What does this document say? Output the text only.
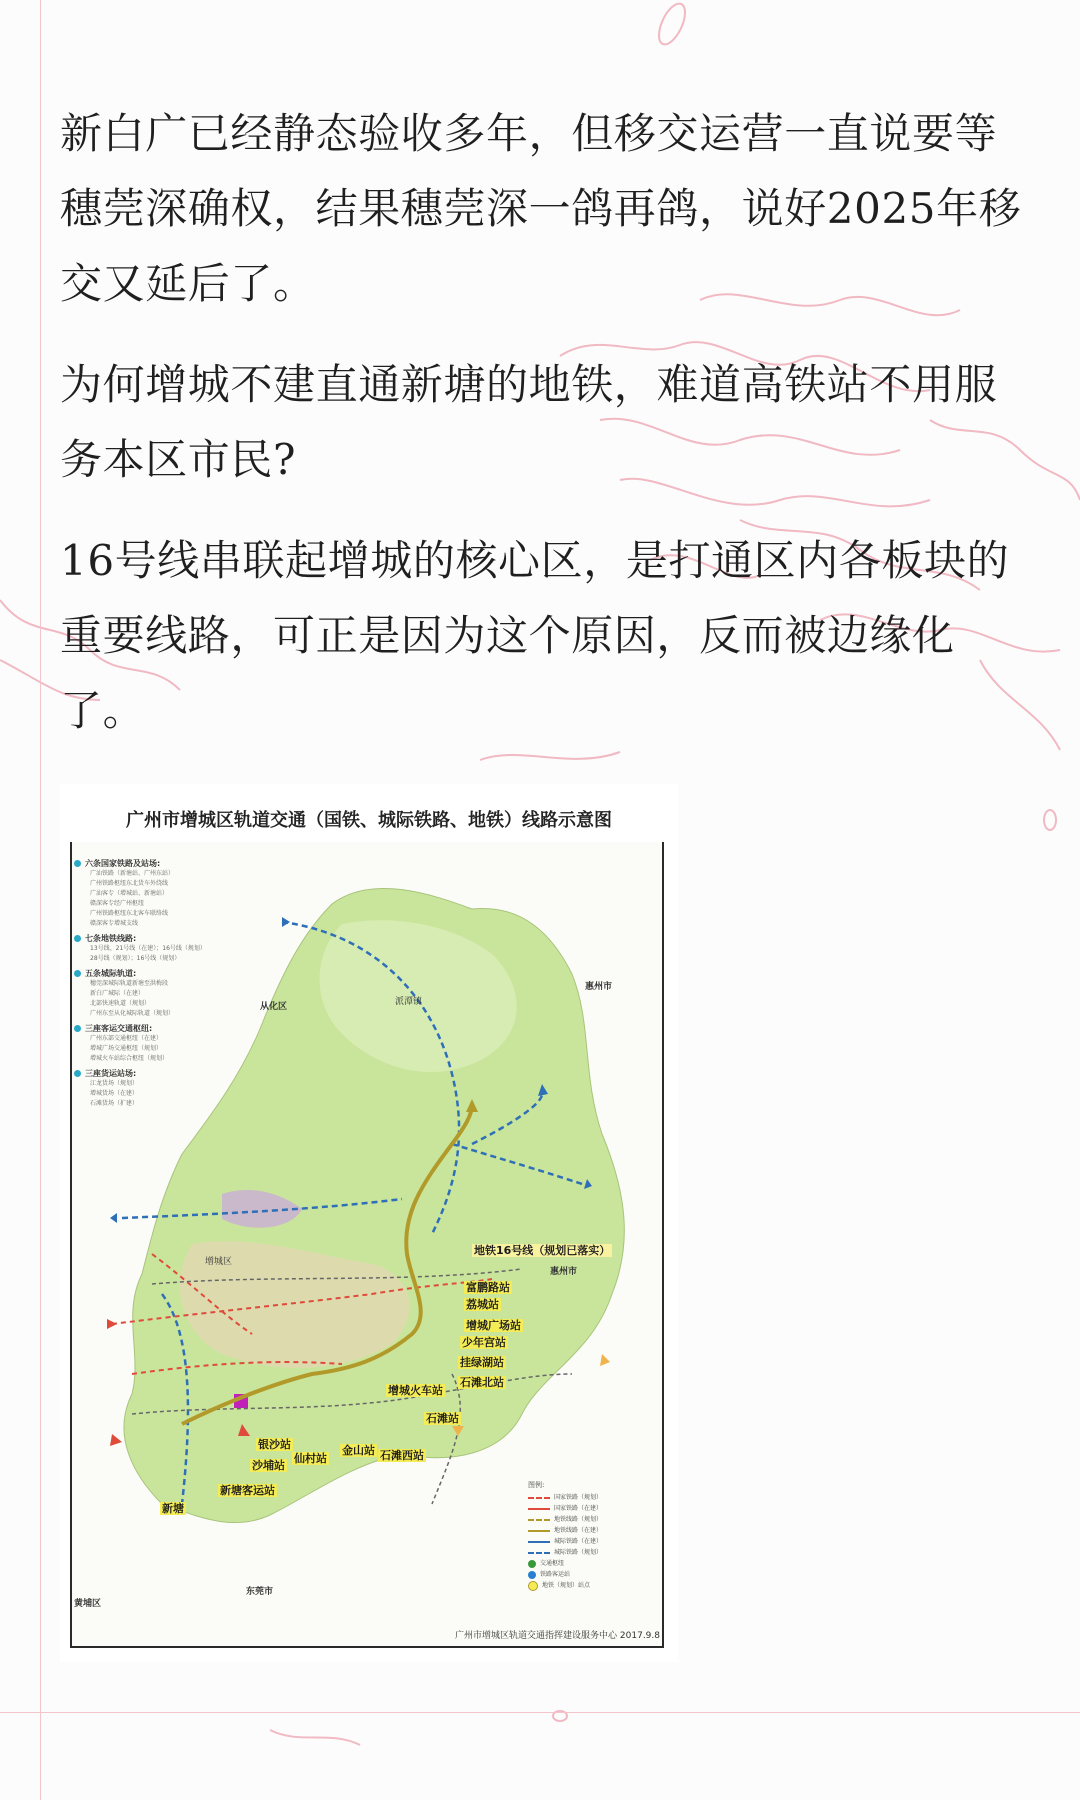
新白广已经静态验收多年，但移交运营一直说要等穗莞深确权，结果穗莞深一鸽再鸽，说好2025年移交又延后了。

为何增城不建直通新塘的地铁，难道高铁站不用服务本区市民?

16号线串联起增城的核心区，是打通区内各板块的重要线路，可正是因为这个原因，反而被边缘化了。

广州市增城区轨道交通（国铁、城际铁路、地铁）线路示意图
六条国家铁路及站场:
广汕铁路（新塘站、广州东站）
广州铁路枢纽东北货车外绕线
广汕客专（增城站、新塘站）
赣深客专经广州枢纽
广州铁路枢纽东北客车联络线
赣深客专增城支线
七条地铁线路:
13号线、21号线（在建）；16号线（规划）
28号线（规划）；16号线（规划）
五条城际轨道:
穗莞深城际轨道新塘至洪梅段
新白广城际（在建）
北部快速轨道（规划）
广州东至从化城际轨道（规划）
三座客运交通枢纽:
广州东部交通枢纽（在建）
增城广场交通枢纽（规划）
增城火车站综合枢纽（规划）
三座货运站场:
江龙货场（规划）
增城货场（在建）
石滩货场（扩建）
从化区
惠州市
惠州市
东莞市
黄埔区
派潭镇
增城区
地铁16号线（规划已落实）
富鹏路站
荔城站
增城广场站
少年宫站
挂绿湖站
石滩北站
增城火车站
石滩站
石滩西站
金山站
仙村站
沙埔站
银沙站
新塘客运站
新塘
图例:
国家铁路（规划）
国家铁路（在建）
地铁线路（规划）
地铁线路（在建）
城际铁路（在建）
城际铁路（规划）
交通枢纽
铁路客运站
地铁（规划）站点
广州市增城区轨道交通指挥建设服务中心 2017.9.8
